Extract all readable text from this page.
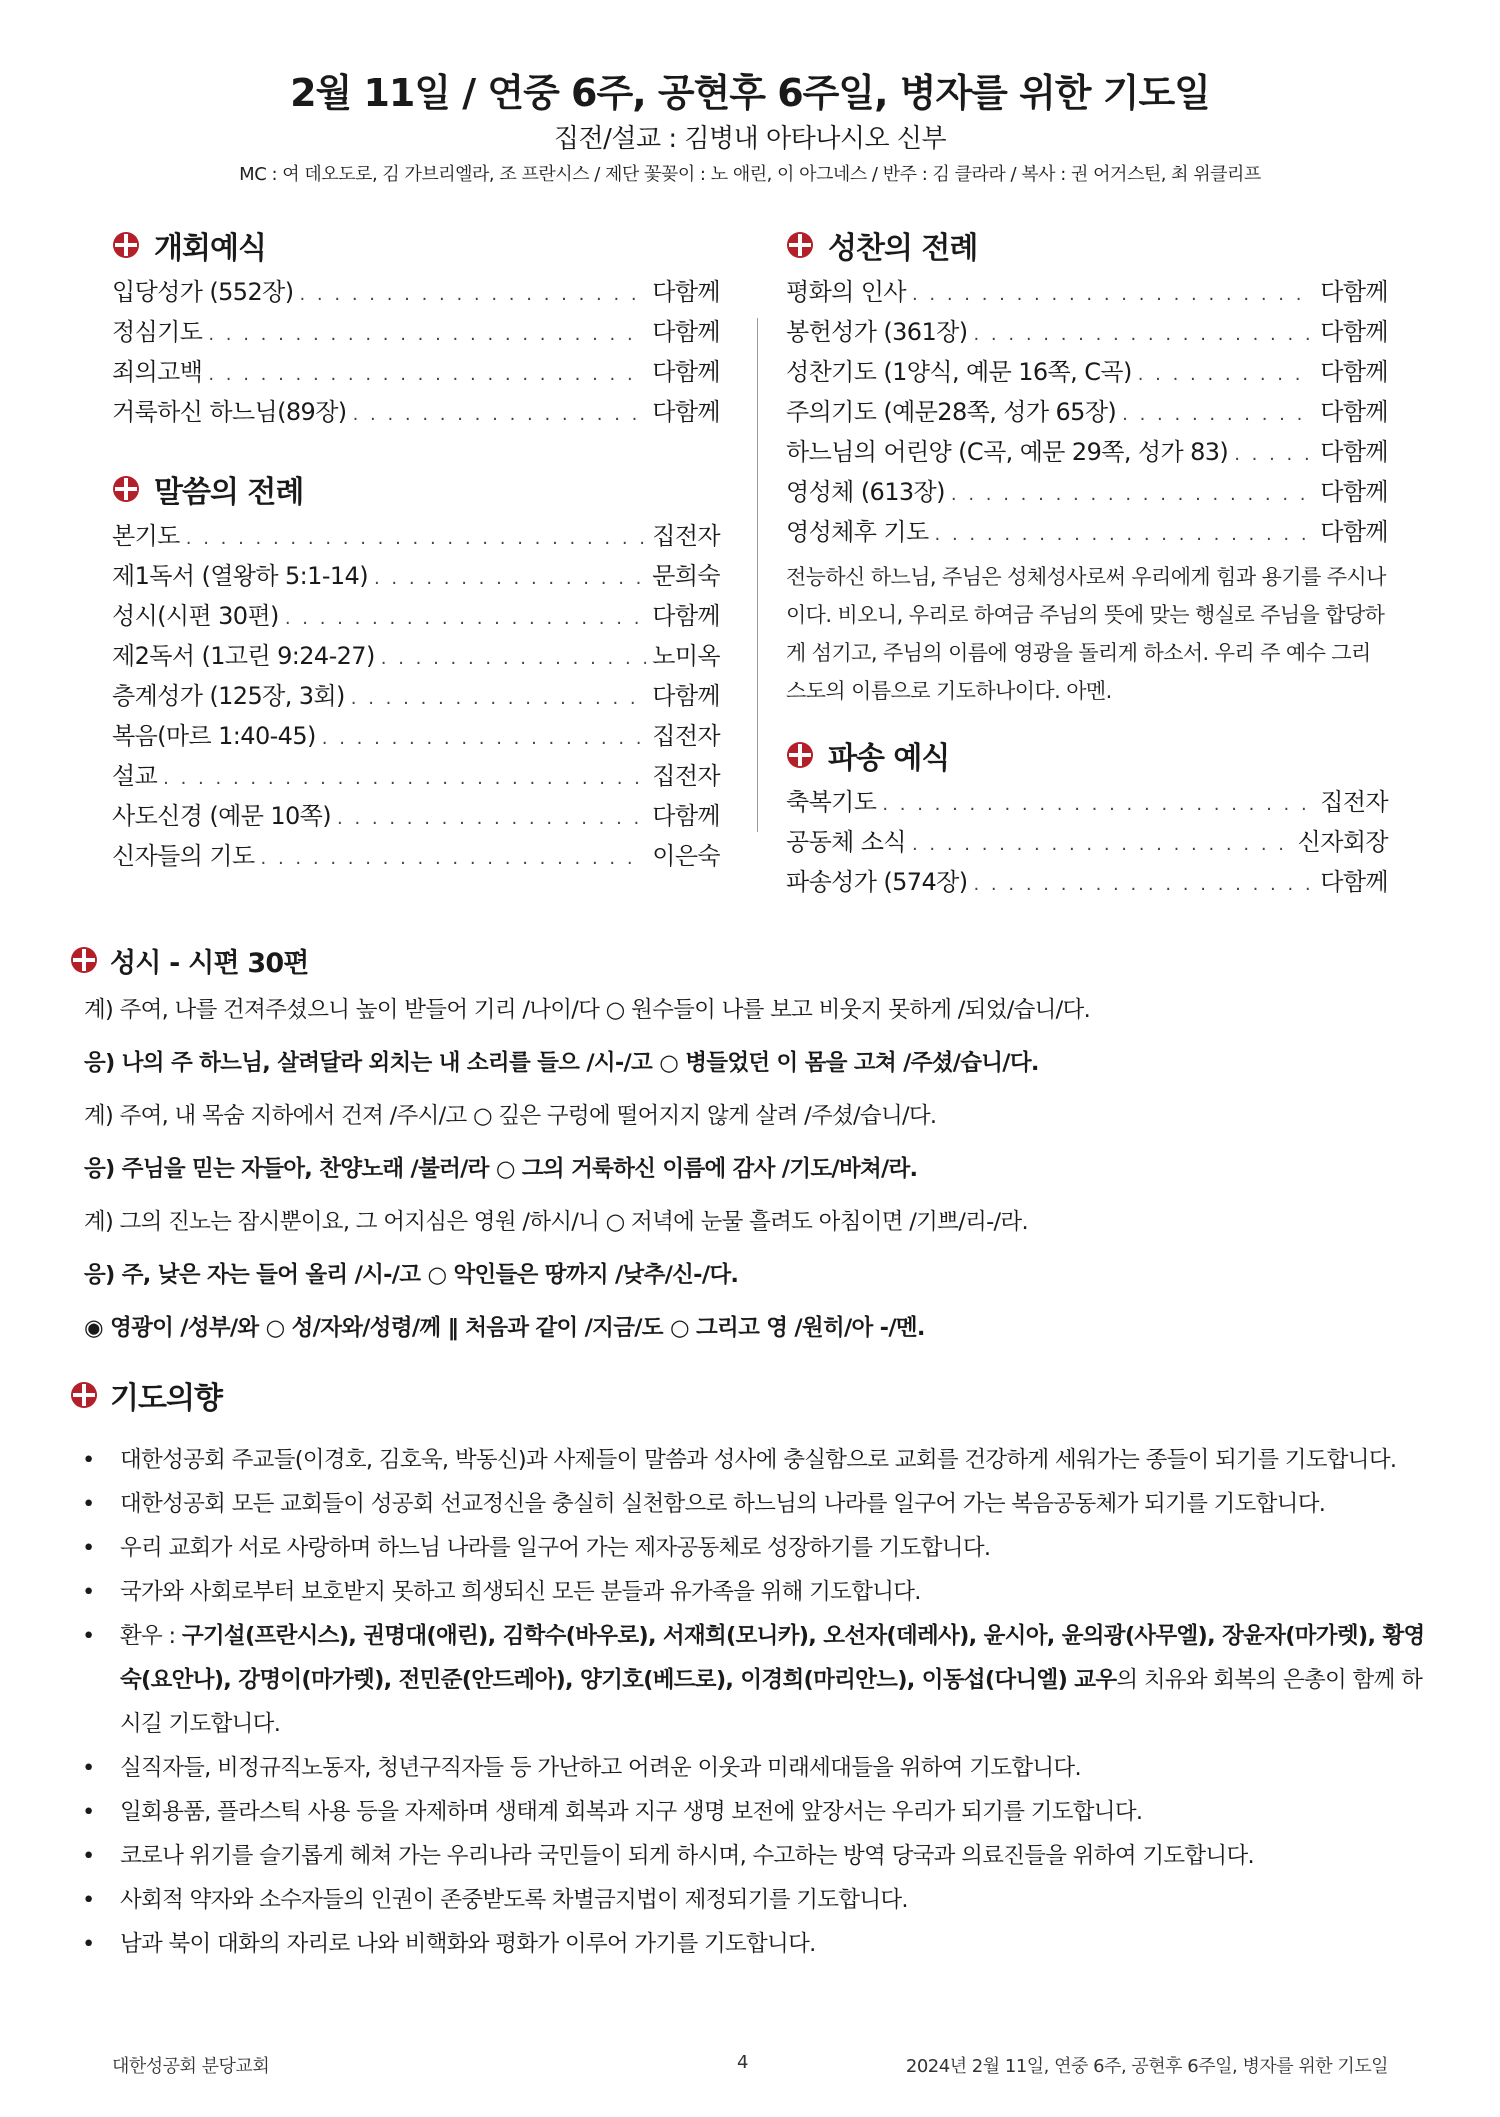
2월 11일 / 연중 6주, 공현후 6주일, 병자를 위한 기도일
집전/설교 : 김병내 아타나시오 신부
MC : 여 데오도로, 김 가브리엘라, 조 프란시스 / 제단 꽃꽂이 : 노 애린, 이 아그네스 / 반주 : 김 클라라 / 복사 : 권 어거스틴, 최 위클리프
개회예식
입당성가 (552장) . . .	다함께
정심기도 . . .	다함께
죄의고백 . . .	다함께
거룩하신 하느님(89장) . . .	다함께
말씀의 전례
본기도 . . .	집전자
제1독서 (열왕하 5:1-14) . . .	문희숙
성시(시편 30편) . . .	다함께
제2독서 (1고린 9:24-27) . . .	노미옥
층계성가 (125장, 3회) . . .	다함께
복음(마르 1:40-45) . . .	집전자
설교 . . .	집전자
사도신경 (예문 10쪽) . . .	다함께
신자들의 기도 . . .	이은숙
성찬의 전례
평화의 인사 . . .	다함께
봉헌성가 (361장) . . .	다함께
성찬기도 (1양식, 예문 16쪽, C곡) . . .	다함께
주의기도 (예문28쪽, 성가 65장) . . .	다함께
하느님의 어린양 (C곡, 예문 29쪽, 성가 83) . . .	다함께
영성체 (613장) . . .	다함께
영성체후 기도 . . .	다함께
전능하신 하느님, 주님은 성체성사로써 우리에게 힘과 용기를 주시나이다. 비오니, 우리로 하여금 주님의 뜻에 맞는 행실로 주님을 합당하게 섬기고, 주님의 이름에 영광을 돌리게 하소서. 우리 주 예수 그리스도의 이름으로 기도하나이다. 아멘.
파송 예식
축복기도 . . .	집전자
공동체 소식 . . .	신자회장
파송성가 (574장) . . .	다함께
성시 - 시편 30편
계) 주여, 나를 건져주셨으니 높이 받들어 기리 /나이/다 ○ 원수들이 나를 보고 비웃지 못하게 /되었/습니/다.
응) 나의 주 하느님, 살려달라 외치는 내 소리를 들으 /시-/고 ○ 병들었던 이 몸을 고쳐 /주셨/습니/다.
계) 주여, 내 목숨 지하에서 건져 /주시/고 ○ 깊은 구렁에 떨어지지 않게 살려 /주셨/습니/다.
응) 주님을 믿는 자들아, 찬양노래 /불러/라 ○ 그의 거룩하신 이름에 감사 /기도/바쳐/라.
계) 그의 진노는 잠시뿐이요, 그 어지심은 영원 /하시/니 ○ 저녁에 눈물 흘려도 아침이면 /기쁘/리-/라.
응) 주, 낮은 자는 들어 올리 /시-/고 ○ 악인들은 땅까지 /낮추/신-/다.
◉ 영광이 /성부/와 ○ 성/자와/성령/께 ‖ 처음과 같이 /지금/도 ○ 그리고 영 /원히/아 -/멘.
기도의향
• 대한성공회 주교들(이경호, 김호욱, 박동신)과 사제들이 말씀과 성사에 충실함으로 교회를 건강하게 세워가는 종들이 되기를 기도합니다.
• 대한성공회 모든 교회들이 성공회 선교정신을 충실히 실천함으로 하느님의 나라를 일구어 가는 복음공동체가 되기를 기도합니다.
• 우리 교회가 서로 사랑하며 하느님 나라를 일구어 가는 제자공동체로 성장하기를 기도합니다.
• 국가와 사회로부터 보호받지 못하고 희생되신 모든 분들과 유가족을 위해 기도합니다.
• 환우 : 구기설(프란시스), 권명대(애린), 김학수(바우로), 서재희(모니카), 오선자(데레사), 윤시아, 윤의광(사무엘), 장윤자(마가렛), 황영숙(요안나), 강명이(마가렛), 전민준(안드레아), 양기호(베드로), 이경희(마리안느), 이동섭(다니엘) 교우의 치유와 회복의 은총이 함께 하시길 기도합니다.
• 실직자들, 비정규직노동자, 청년구직자들 등 가난하고 어려운 이웃과 미래세대들을 위하여 기도합니다.
• 일회용품, 플라스틱 사용 등을 자제하며 생태계 회복과 지구 생명 보전에 앞장서는 우리가 되기를 기도합니다.
• 코로나 위기를 슬기롭게 헤쳐 가는 우리나라 국민들이 되게 하시며, 수고하는 방역 당국과 의료진들을 위하여 기도합니다.
• 사회적 약자와 소수자들의 인권이 존중받도록 차별금지법이 제정되기를 기도합니다.
• 남과 북이 대화의 자리로 나와 비핵화와 평화가 이루어 가기를 기도합니다.
대한성공회 분당교회	4	2024년 2월 11일, 연중 6주, 공현후 6주일, 병자를 위한 기도일
